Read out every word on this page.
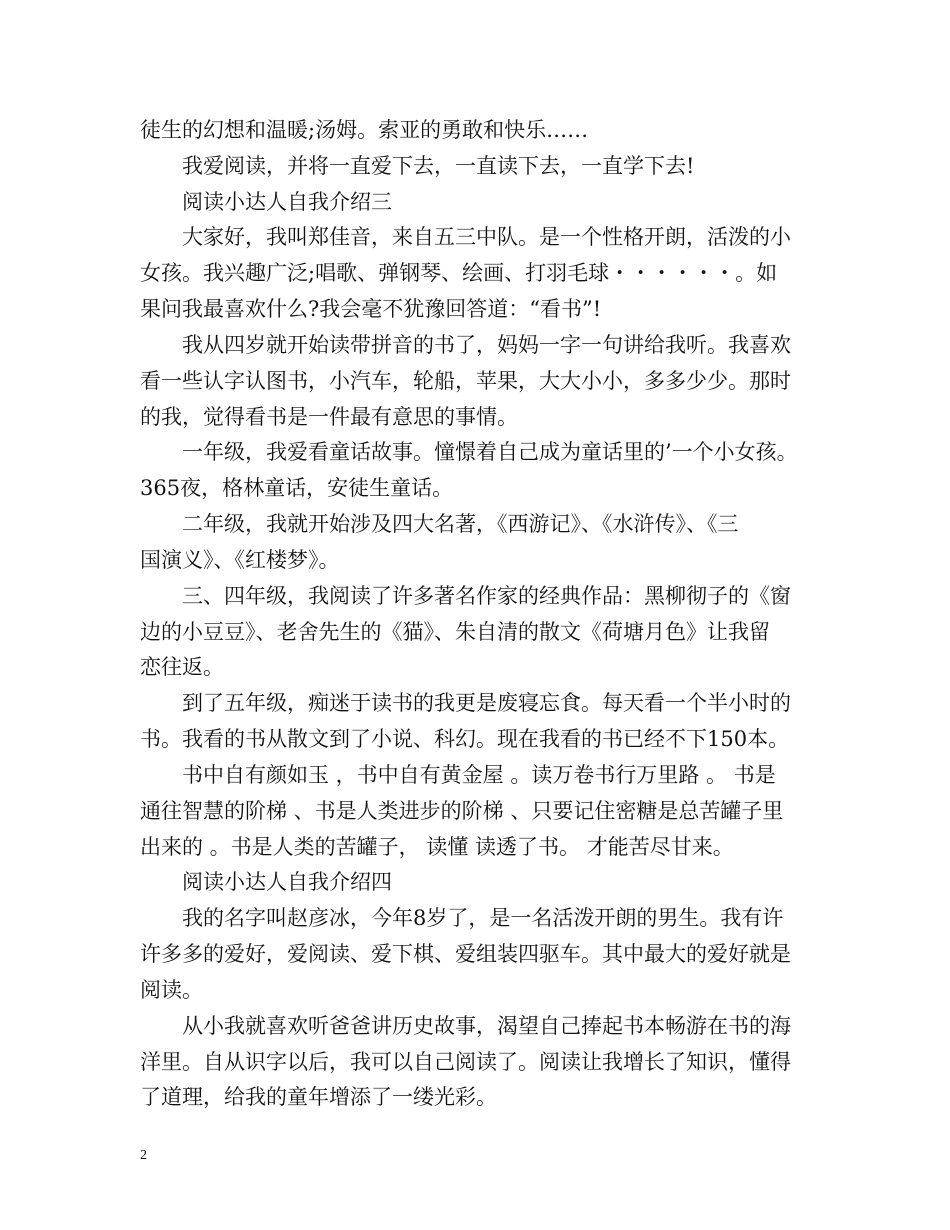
徒生的幻想和温暖;汤姆。索亚的勇敢和快乐……
我爱阅读，并将一直爱下去，一直读下去，一直学下去!
阅读小达人自我介绍三
大家好，我叫郑佳音，来自五三中队。是一个性格开朗，活泼的小
女孩。我兴趣广泛;唱歌、弹钢琴、绘画、打羽毛球・・・・・・。如
果问我最喜欢什么?我会毫不犹豫回答道：“看书”!
我从四岁就开始读带拼音的书了，妈妈一字一句讲给我听。我喜欢
看一些认字认图书，小汽车，轮船，苹果，大大小小，多多少少。那时
的我，觉得看书是一件最有意思的事情。
一年级，我爱看童话故事。憧憬着自己成为童话里的’一个小女孩。
365夜，格林童话，安徒生童话。
二年级，我就开始涉及四大名著，《西游记》、《水浒传》、《三
国演义》、《红楼梦》。
三、四年级，我阅读了许多著名作家的经典作品：黑柳彻子的《窗
边的小豆豆》、老舍先生的《猫》、朱自清的散文《荷塘月色》让我留
恋往返。
到了五年级，痴迷于读书的我更是废寝忘食。每天看一个半小时的
书。我看的书从散文到了小说、科幻。现在我看的书已经不下150本。
书中自有颜如玉 ，书中自有黄金屋 。读万卷书行万里路 。 书是
通往智慧的阶梯 、书是人类进步的阶梯 、只要记住密糖是总苦罐子里
出来的 。书是人类的苦罐子， 读懂 读透了书。 才能苦尽甘来。
阅读小达人自我介绍四
我的名字叫赵彦冰，今年8岁了，是一名活泼开朗的男生。我有许
许多多的爱好，爱阅读、爱下棋、爱组装四驱车。其中最大的爱好就是
阅读。
从小我就喜欢听爸爸讲历史故事，渴望自己捧起书本畅游在书的海
洋里。自从识字以后，我可以自己阅读了。阅读让我增长了知识，懂得
了道理，给我的童年增添了一缕光彩。
2
